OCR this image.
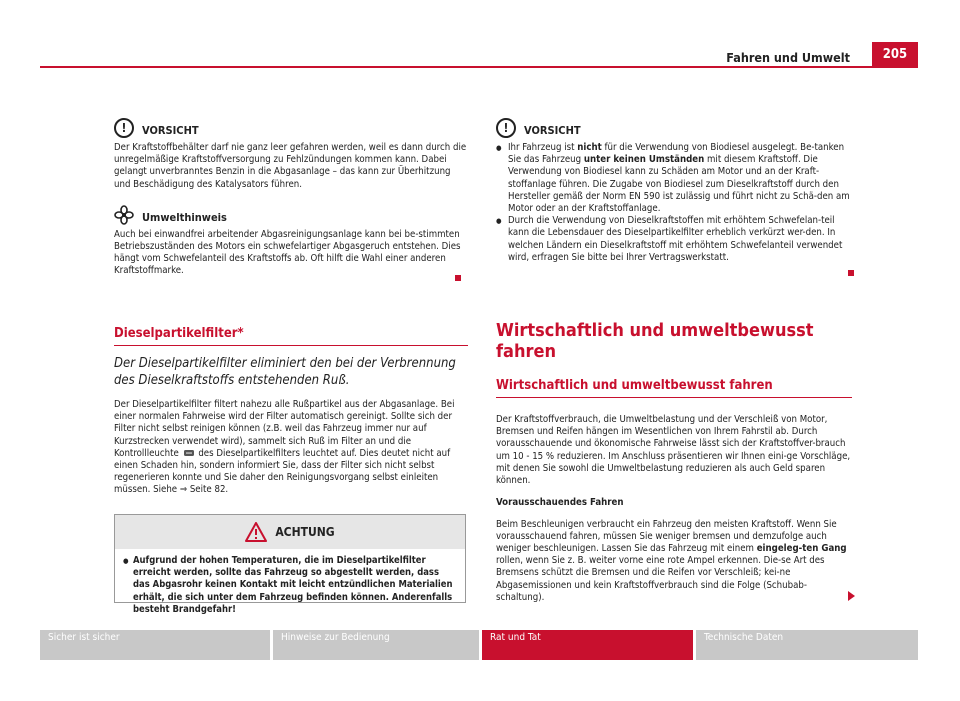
Fahren und Umwelt	205
!	VORSICHT

Der Kraftstoffbehälter darf nie ganz leer gefahren werden, weil es dann durch die unregelmäßige Kraftstoffversorgung zu Fehlzündungen kommen kann. Dabei gelangt unverbranntes Benzin in die Abgasanlage – das kann zur Überhitzung und Beschädigung des Katalysators führen.

Umwelthinweis

Auch bei einwandfrei arbeitender Abgasreinigungsanlage kann bei be-stimmten Betriebszuständen des Motors ein schwefelartiger Abgasgeruch entstehen. Dies hängt vom Schwefelanteil des Kraftstoffs ab. Oft hilft die Wahl einer anderen Kraftstoffmarke.

Dieselpartikelfilter*
Der Dieselpartikelfilter eliminiert den bei der Verbrennung des Dieselkraftstoffs entstehenden Ruß.

Der Dieselpartikelfilter filtert nahezu alle Rußpartikel aus der Abgasanlage. Bei einer normalen Fahrweise wird der Filter automatisch gereinigt. Sollte sich der Filter nicht selbst reinigen können (z.B. weil das Fahrzeug immer nur auf Kurzstrecken verwendet wird), sammelt sich Ruß im Filter an und die Kontrollleuchte des Dieselpartikelfilters leuchtet auf. Dies deutet nicht auf einen Schaden hin, sondern informiert Sie, dass der Filter sich nicht selbst regenerieren konnte und Sie daher den Reinigungsvorgang selbst einleiten müssen. Siehe ⇒ Seite 82.

ACHTUNG
● Aufgrund der hohen Temperaturen, die im Dieselpartikelfilter erreicht werden, sollte das Fahrzeug so abgestellt werden, dass das Abgasrohr keinen Kontakt mit leicht entzündlichen Materialien erhält, die sich unter dem Fahrzeug befinden können. Anderenfalls besteht Brandgefahr!
!	VORSICHT

● Ihr Fahrzeug ist nicht für die Verwendung von Biodiesel ausgelegt. Be-tanken Sie das Fahrzeug unter keinen Umständen mit diesem Kraftstoff. Die Verwendung von Biodiesel kann zu Schäden am Motor und an der Kraft-stoffanlage führen. Die Zugabe von Biodiesel zum Dieselkraftstoff durch den Hersteller gemäß der Norm EN 590 ist zulässig und führt nicht zu Schä-den am Motor oder an der Kraftstoffanlage.

● Durch die Verwendung von Dieselkraftstoffen mit erhöhtem Schwefelan-teil kann die Lebensdauer des Dieselpartikelfilter erheblich verkürzt wer-den. In welchen Ländern ein Dieselkraftstoff mit erhöhtem Schwefelanteil verwendet wird, erfragen Sie bitte bei Ihrer Vertragswerkstatt.

Wirtschaftlich und umweltbewusst fahren
Wirtschaftlich und umweltbewusst fahren

Der Kraftstoffverbrauch, die Umweltbelastung und der Verschleiß von Motor, Bremsen und Reifen hängen im Wesentlichen von Ihrem Fahrstil ab. Durch vorausschauende und ökonomische Fahrweise lässt sich der Kraftstoffver-brauch um 10 - 15 % reduzieren. Im Anschluss präsentieren wir Ihnen eini-ge Vorschläge, mit denen Sie sowohl die Umweltbelastung reduzieren als auch Geld sparen können.

Vorausschauendes Fahren

Beim Beschleunigen verbraucht ein Fahrzeug den meisten Kraftstoff. Wenn Sie vorausschauend fahren, müssen Sie weniger bremsen und demzufolge auch weniger beschleunigen. Lassen Sie das Fahrzeug mit einem eingeleg-ten Gang rollen, wenn Sie z. B. weiter vorne eine rote Ampel erkennen. Die-se Art des Bremsens schützt die Bremsen und die Reifen vor Verschleiß; kei-ne Abgasemissionen und kein Kraftstoffverbrauch sind die Folge (Schubab-schaltung).

Sicher ist sicher	Hinweise zur Bedienung	Rat und Tat	Technische Daten
